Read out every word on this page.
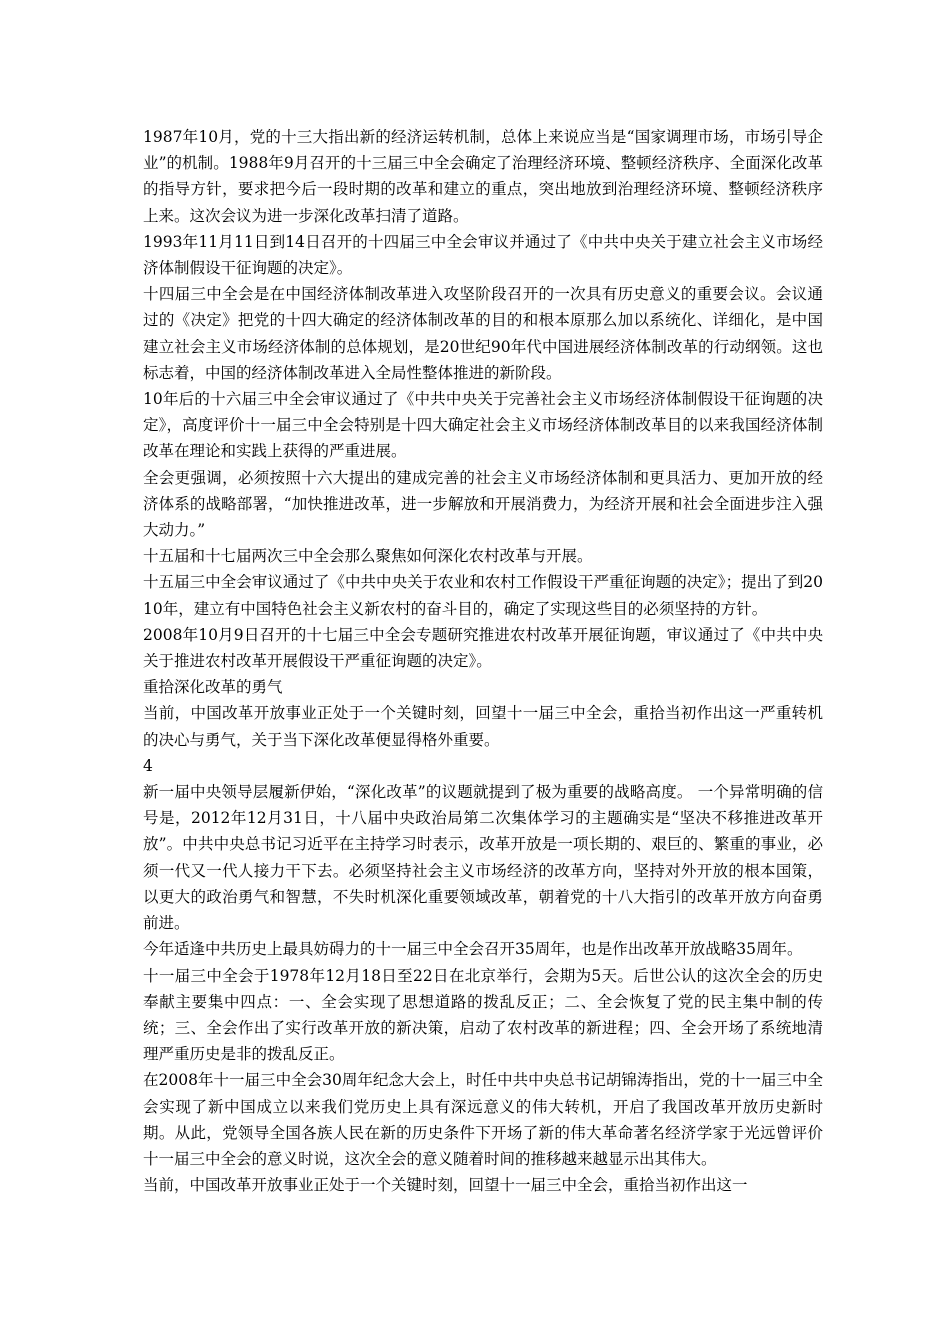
1987年10月，党的十三大指出新的经济运转机制，总体上来说应当是“国家调理市场，市场引导企业”的机制。1988年9月召开的十三届三中全会确定了治理经济环境、整顿经济秩序、全面深化改革的指导方针，要求把今后一段时期的改革和建立的重点，突出地放到治理经济环境、整顿经济秩序上来。这次会议为进一步深化改革扫清了道路。

1993年11月11日到14日召开的十四届三中全会审议并通过了《中共中央关于建立社会主义市场经济体制假设干征询题的决定》。

十四届三中全会是在中国经济体制改革进入攻坚阶段召开的一次具有历史意义的重要会议。会议通过的《决定》把党的十四大确定的经济体制改革的目的和根本原那么加以系统化、详细化，是中国建立社会主义市场经济体制的总体规划，是20世纪90年代中国进展经济体制改革的行动纲领。这也标志着，中国的经济体制改革进入全局性整体推进的新阶段。

10年后的十六届三中全会审议通过了《中共中央关于完善社会主义市场经济体制假设干征询题的决定》，高度评价十一届三中全会特别是十四大确定社会主义市场经济体制改革目的以来我国经济体制改革在理论和实践上获得的严重进展。

全会更强调，必须按照十六大提出的建成完善的社会主义市场经济体制和更具活力、更加开放的经济体系的战略部署，“加快推进改革，进一步解放和开展消费力，为经济开展和社会全面进步注入强大动力。”

十五届和十七届两次三中全会那么聚焦如何深化农村改革与开展。

十五届三中全会审议通过了《中共中央关于农业和农村工作假设干严重征询题的决定》；提出了到2010年，建立有中国特色社会主义新农村的奋斗目的，确定了实现这些目的必须坚持的方针。

2008年10月9日召开的十七届三中全会专题研究推进农村改革开展征询题，审议通过了《中共中央关于推进农村改革开展假设干严重征询题的决定》。

重拾深化改革的勇气

当前，中国改革开放事业正处于一个关键时刻，回望十一届三中全会，重拾当初作出这一严重转机的决心与勇气，关于当下深化改革便显得格外重要。

4

新一届中央领导层履新伊始，“深化改革”的议题就提到了极为重要的战略高度。 一个异常明确的信号是，2012年12月31日，十八届中央政治局第二次集体学习的主题确实是“坚决不移推进改革开放”。中共中央总书记习近平在主持学习时表示，改革开放是一项长期的、艰巨的、繁重的事业，必须一代又一代人接力干下去。必须坚持社会主义市场经济的改革方向，坚持对外开放的根本国策，以更大的政治勇气和智慧，不失时机深化重要领域改革，朝着党的十八大指引的改革开放方向奋勇前进。

今年适逢中共历史上最具妨碍力的十一届三中全会召开35周年，也是作出改革开放战略35周年。

十一届三中全会于1978年12月18日至22日在北京举行，会期为5天。后世公认的这次全会的历史奉献主要集中四点：一、全会实现了思想道路的拨乱反正；二、全会恢复了党的民主集中制的传统；三、全会作出了实行改革开放的新决策，启动了农村改革的新进程；四、全会开场了系统地清理严重历史是非的拨乱反正。

在2008年十一届三中全会30周年纪念大会上，时任中共中央总书记胡锦涛指出，党的十一届三中全会实现了新中国成立以来我们党历史上具有深远意义的伟大转机，开启了我国改革开放历史新时期。从此，党领导全国各族人民在新的历史条件下开场了新的伟大革命著名经济学家于光远曾评价十一届三中全会的意义时说，这次全会的意义随着时间的推移越来越显示出其伟大。

当前，中国改革开放事业正处于一个关键时刻，回望十一届三中全会，重拾当初作出这一
